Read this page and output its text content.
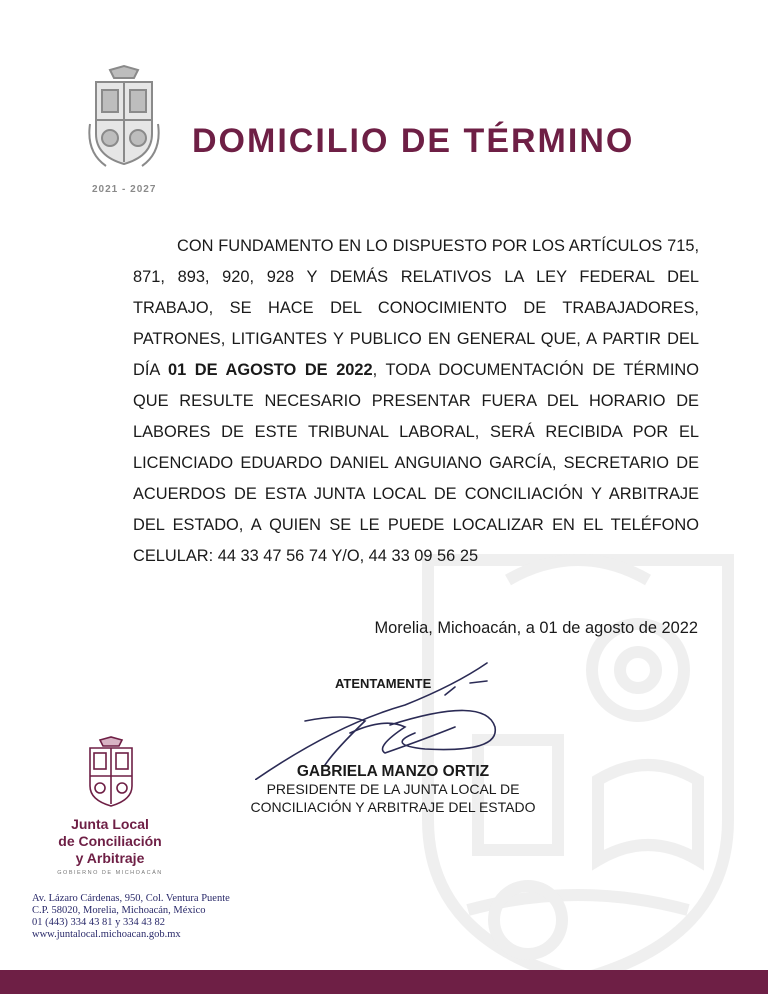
2021 - 2027
DOMICILIO DE TÉRMINO

CON FUNDAMENTO EN LO DISPUESTO POR LOS ARTÍCULOS 715, 871, 893, 920, 928 Y DEMÁS RELATIVOS LA LEY FEDERAL DEL TRABAJO, SE HACE DEL CONOCIMIENTO DE TRABAJADORES, PATRONES, LITIGANTES Y PUBLICO EN GENERAL QUE, A PARTIR DEL DÍA 01 DE AGOSTO DE 2022, TODA DOCUMENTACIÓN DE TÉRMINO QUE RESULTE NECESARIO PRESENTAR FUERA DEL HORARIO DE LABORES DE ESTE TRIBUNAL LABORAL, SERÁ RECIBIDA POR EL LICENCIADO EDUARDO DANIEL ANGUIANO GARCÍA, SECRETARIO DE ACUERDOS DE ESTA JUNTA LOCAL DE CONCILIACIÓN Y ARBITRAJE DEL ESTADO, A QUIEN SE LE PUEDE LOCALIZAR EN EL TELÉFONO CELULAR: 44 33 47 56 74 Y/O, 44 33 09 56 25

Morelia, Michoacán, a 01 de agosto de 2022

ATENTAMENTE

GABRIELA MANZO ORTIZ

PRESIDENTE DE LA JUNTA LOCAL DE

CONCILIACIÓN Y ARBITRAJE DEL ESTADO

Junta Local
de Conciliación
y Arbitraje

GOBIERNO DE MICHOACÁN

Av. Lázaro Cárdenas, 950, Col. Ventura Puente
C.P. 58020, Morelia, Michoacán, México
01 (443) 334 43 81 y 334 43 82
www.juntalocal.michoacan.gob.mx
